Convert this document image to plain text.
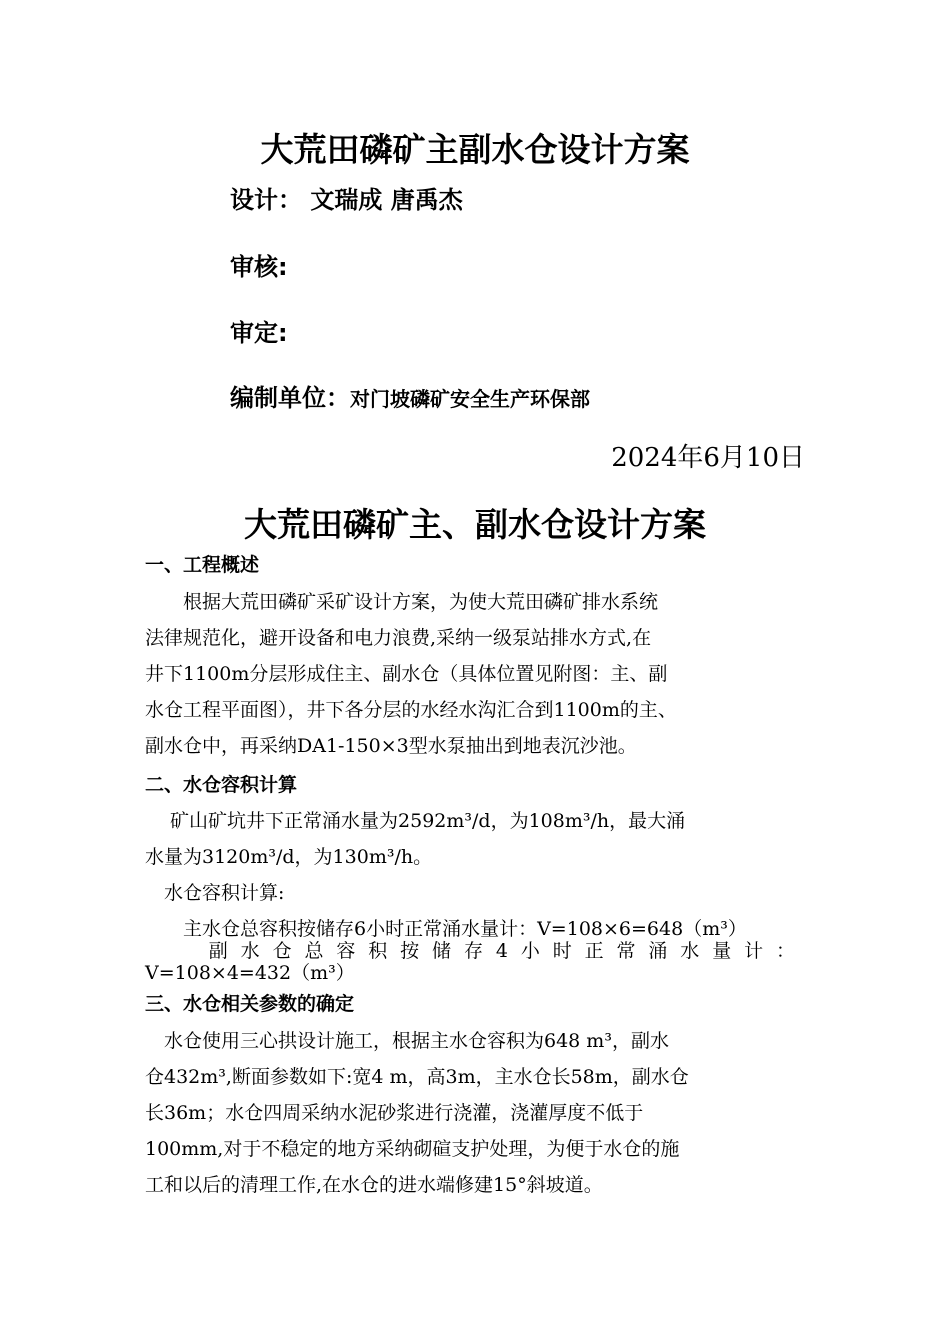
大荒田磷矿主副水仓设计方案
设计： 文瑞成 唐禹杰
审核:
审定:
编制单位：对门坡磷矿安全生产环保部
2024年6月10日
大荒田磷矿主、副水仓设计方案
一、工程概述
　　根据大荒田磷矿采矿设计方案，为使大荒田磷矿排水系统
法律规范化，避开设备和电力浪费,采纳一级泵站排水方式,在
井下1100m分层形成住主、副水仓（具体位置见附图：主、副
水仓工程平面图），井下各分层的水经水沟汇合到1100m的主、
副水仓中，再采纳DA1-150×3型水泵抽出到地表沉沙池。
二、水仓容积计算
　 矿山矿坑井下正常涌水量为2592m³/d，为108m³/h，最大涌
水量为3120m³/d，为130m³/h。
　水仓容积计算:
　　主水仓总容积按储存6小时正常涌水量计：V=108×6=648（m³）
　　副水仓总容积按储存4小时正常涌水量计：
V=108×4=432（m³）
三、水仓相关参数的确定
　水仓使用三心拱设计施工，根据主水仓容积为648 m³，副水
仓432m³,断面参数如下:宽4 m，高3m，主水仓长58m，副水仓
长36m；水仓四周采纳水泥砂浆进行浇灌，浇灌厚度不低于
100mm,对于不稳定的地方采纳砌碹支护处理，为便于水仓的施
工和以后的清理工作,在水仓的进水端修建15°斜坡道。
